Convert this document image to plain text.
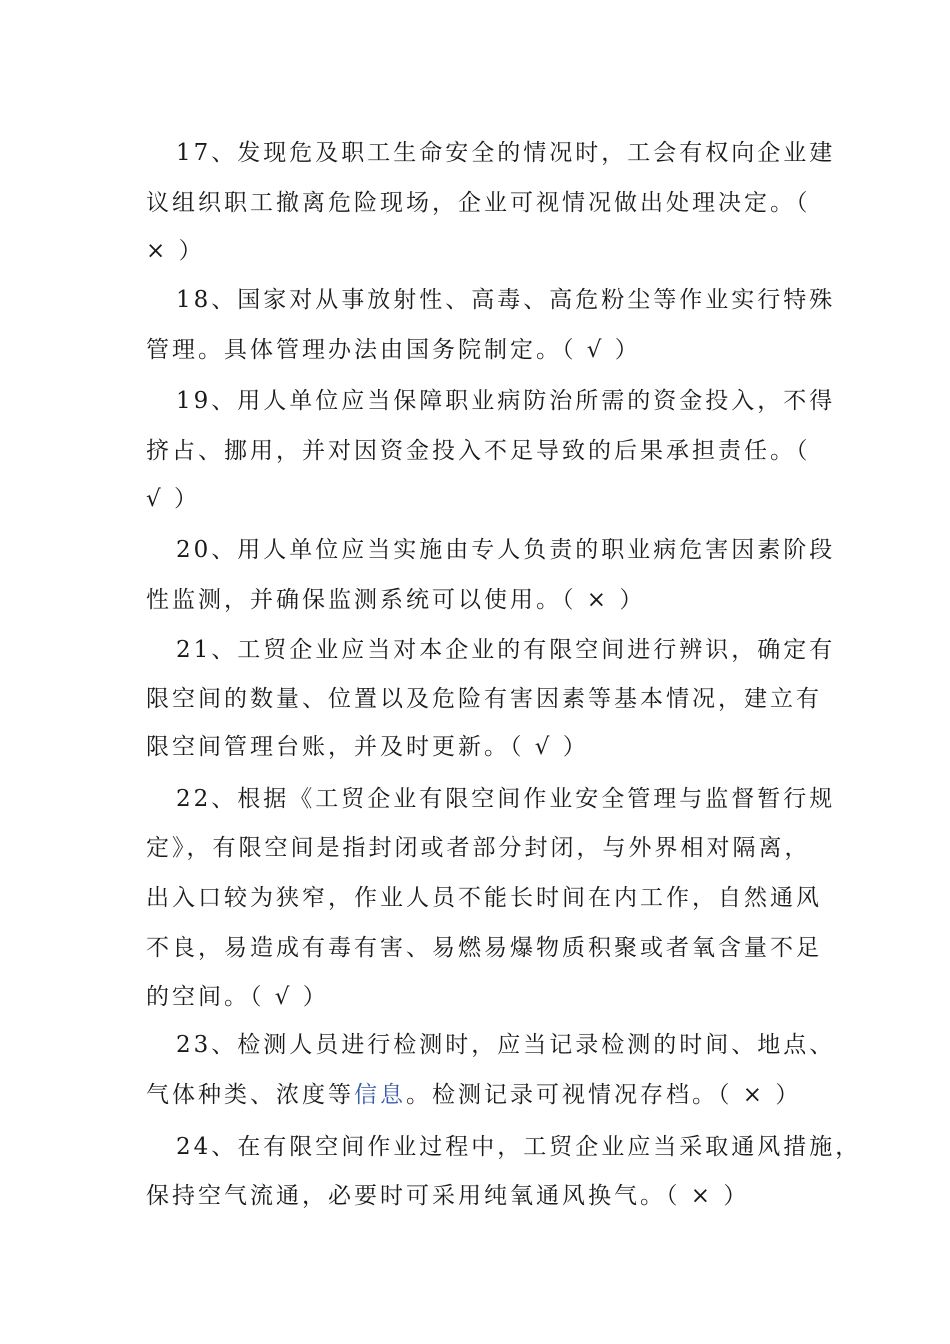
17、发现危及职工生命安全的情况时，工会有权向企业建
议组织职工撤离危险现场，企业可视情况做出处理决定。（
× ）
18、国家对从事放射性、高毒、高危粉尘等作业实行特殊
管理。具体管理办法由国务院制定。（ √ ）
19、用人单位应当保障职业病防治所需的资金投入，不得
挤占、挪用，并对因资金投入不足导致的后果承担责任。（
√ ）
20、用人单位应当实施由专人负责的职业病危害因素阶段
性监测，并确保监测系统可以使用。（ × ）
21、工贸企业应当对本企业的有限空间进行辨识，确定有
限空间的数量、位置以及危险有害因素等基本情况，建立有
限空间管理台账，并及时更新。（ √ ）
22、根据《工贸企业有限空间作业安全管理与监督暂行规
定》，有限空间是指封闭或者部分封闭，与外界相对隔离，
出入口较为狭窄，作业人员不能长时间在内工作，自然通风
不良，易造成有毒有害、易燃易爆物质积聚或者氧含量不足
的空间。（ √ ）
23、检测人员进行检测时，应当记录检测的时间、地点、
气体种类、浓度等信息。检测记录可视情况存档。（ × ）
24、在有限空间作业过程中，工贸企业应当采取通风措施，
保持空气流通，必要时可采用纯氧通风换气。（ × ）
